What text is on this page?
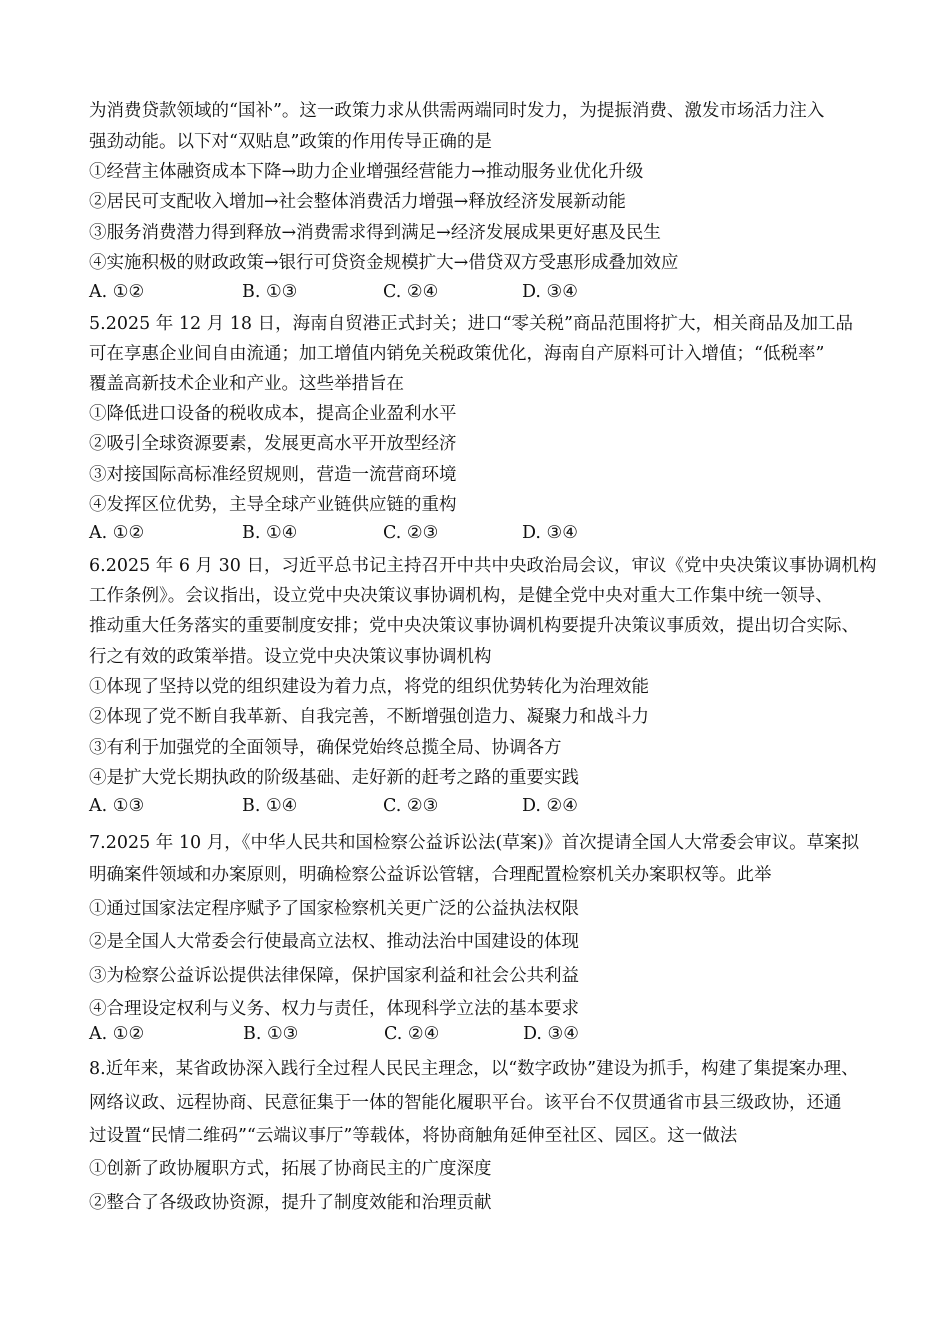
为消费贷款领域的“国补”。这一政策力求从供需两端同时发力，为提振消费、激发市场活力注入
强劲动能。以下对“双贴息”政策的作用传导正确的是
①经营主体融资成本下降→助力企业增强经营能力→推动服务业优化升级
②居民可支配收入增加→社会整体消费活力增强→释放经济发展新动能
③服务消费潜力得到释放→消费需求得到满足→经济发展成果更好惠及民生
④实施积极的财政政策→银行可贷资金规模扩大→借贷双方受惠形成叠加效应
A. ①②	B. ①③	C. ②④	D. ③④
5.2025 年 12 月 18 日，海南自贸港正式封关；进口“零关税”商品范围将扩大，相关商品及加工品
可在享惠企业间自由流通；加工增值内销免关税政策优化，海南自产原料可计入增值；“低税率”
覆盖高新技术企业和产业。这些举措旨在
①降低进口设备的税收成本，提高企业盈利水平
②吸引全球资源要素，发展更高水平开放型经济
③对接国际高标准经贸规则，营造一流营商环境
④发挥区位优势，主导全球产业链供应链的重构
A. ①②	B. ①④	C. ②③	D. ③④
6.2025 年 6 月 30 日，习近平总书记主持召开中共中央政治局会议，审议《党中央决策议事协调机构
工作条例》。会议指出，设立党中央决策议事协调机构，是健全党中央对重大工作集中统一领导、
推动重大任务落实的重要制度安排；党中央决策议事协调机构要提升决策议事质效，提出切合实际、
行之有效的政策举措。设立党中央决策议事协调机构
①体现了坚持以党的组织建设为着力点，将党的组织优势转化为治理效能
②体现了党不断自我革新、自我完善，不断增强创造力、凝聚力和战斗力
③有利于加强党的全面领导，确保党始终总揽全局、协调各方
④是扩大党长期执政的阶级基础、走好新的赶考之路的重要实践
A. ①③	B. ①④	C. ②③	D. ②④
7.2025 年 10 月，《中华人民共和国检察公益诉讼法(草案)》首次提请全国人大常委会审议。草案拟
明确案件领域和办案原则，明确检察公益诉讼管辖，合理配置检察机关办案职权等。此举
①通过国家法定程序赋予了国家检察机关更广泛的公益执法权限
②是全国人大常委会行使最高立法权、推动法治中国建设的体现
③为检察公益诉讼提供法律保障，保护国家利益和社会公共利益
④合理设定权利与义务、权力与责任，体现科学立法的基本要求
A. ①②	B. ①③	C. ②④	D. ③④
8.近年来，某省政协深入践行全过程人民民主理念，以“数字政协”建设为抓手，构建了集提案办理、
网络议政、远程协商、民意征集于一体的智能化履职平台。该平台不仅贯通省市县三级政协，还通
过设置“民情二维码”“云端议事厅”等载体，将协商触角延伸至社区、园区。这一做法
①创新了政协履职方式，拓展了协商民主的广度深度
②整合了各级政协资源，提升了制度效能和治理贡献
